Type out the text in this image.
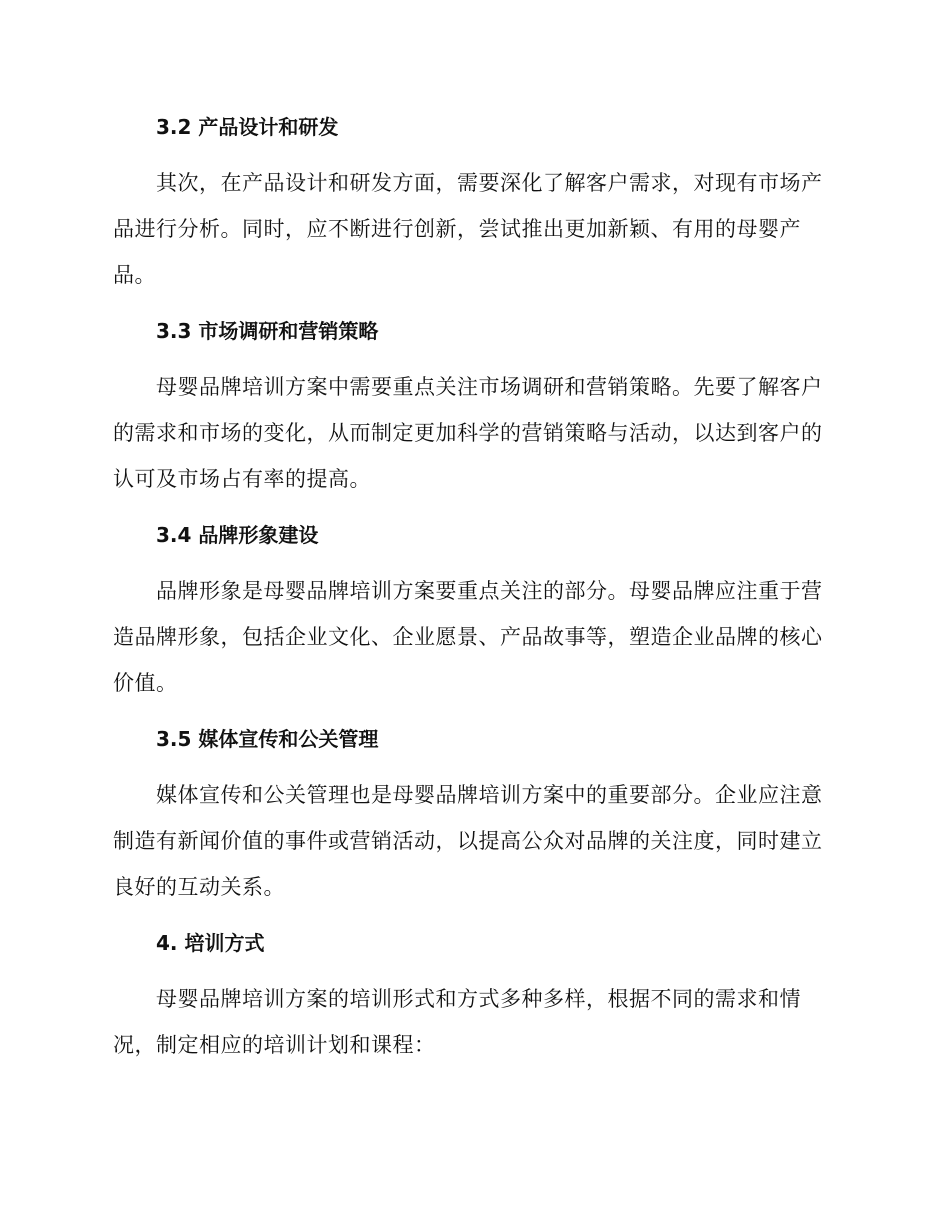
3.2 产品设计和研发

其次，在产品设计和研发方面，需要深化了解客户需求，对现有市场产品进行分析。同时，应不断进行创新，尝试推出更加新颖、有用的母婴产品。

3.3 市场调研和营销策略

母婴品牌培训方案中需要重点关注市场调研和营销策略。先要了解客户的需求和市场的变化，从而制定更加科学的营销策略与活动，以达到客户的认可及市场占有率的提高。

3.4 品牌形象建设

品牌形象是母婴品牌培训方案要重点关注的部分。母婴品牌应注重于营造品牌形象，包括企业文化、企业愿景、产品故事等，塑造企业品牌的核心价值。

3.5 媒体宣传和公关管理

媒体宣传和公关管理也是母婴品牌培训方案中的重要部分。企业应注意制造有新闻价值的事件或营销活动，以提高公众对品牌的关注度，同时建立良好的互动关系。

4. 培训方式

母婴品牌培训方案的培训形式和方式多种多样，根据不同的需求和情况，制定相应的培训计划和课程：
